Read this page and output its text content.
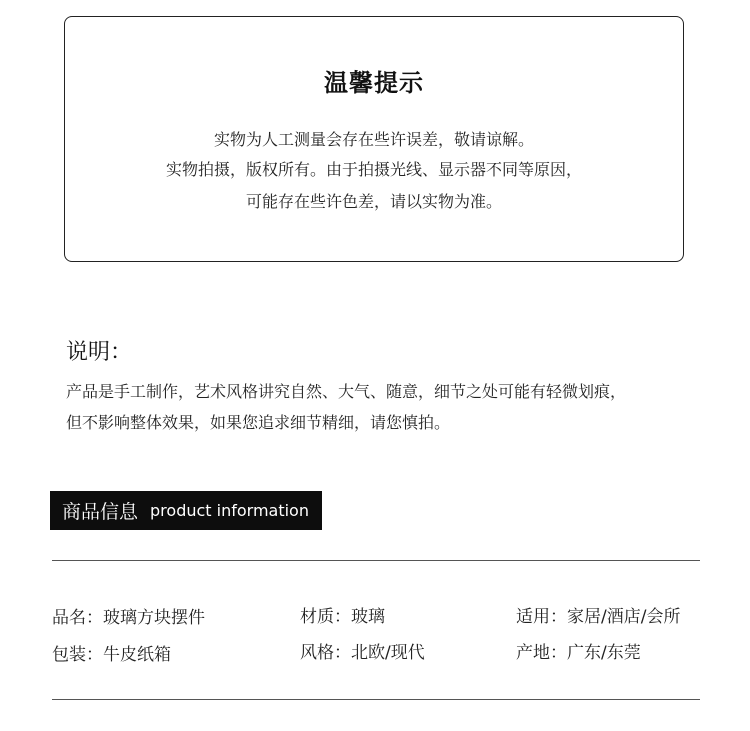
温馨提示
实物为人工测量会存在些许误差，敬请谅解。
实物拍摄，版权所有。由于拍摄光线、显示器不同等原因，
可能存在些许色差，请以实物为准。
说明：
产品是手工制作，艺术风格讲究自然、大气、随意，细节之处可能有轻微划痕，
但不影响整体效果，如果您追求细节精细，请您慎拍。
商品信息 product information
品名：玻璃方块摆件	材质：玻璃	适用：家居/酒店/会所
包装：牛皮纸箱	风格：北欧/现代	产地：广东/东莞
